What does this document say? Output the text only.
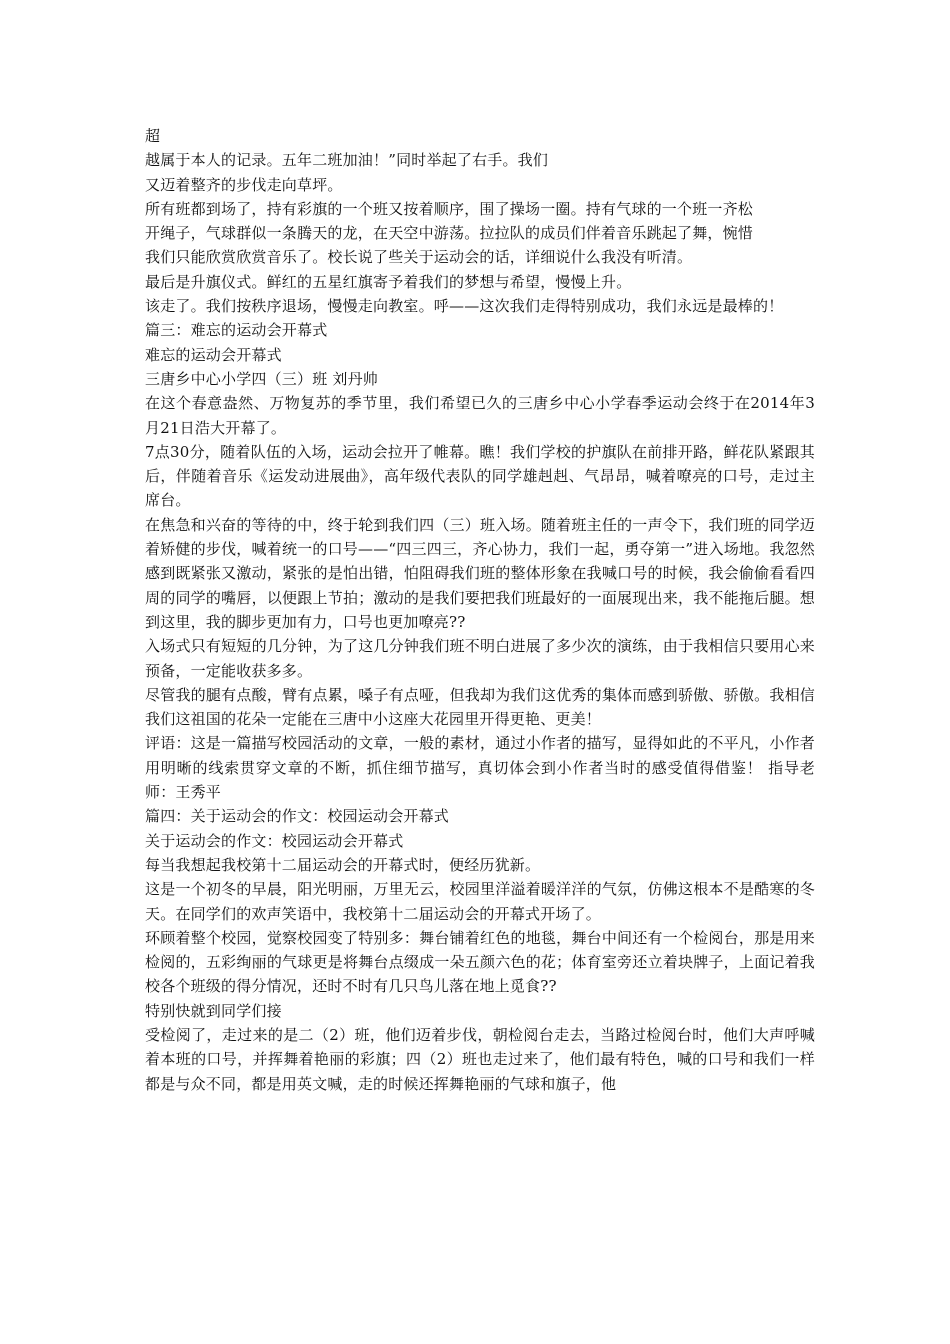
超

越属于本人的记录。五年二班加油！”同时举起了右手。我们

又迈着整齐的步伐走向草坪。

所有班都到场了，持有彩旗的一个班又按着顺序，围了操场一圈。持有气球的一个班一齐松

开绳子，气球群似一条腾天的龙，在天空中游荡。拉拉队的成员们伴着音乐跳起了舞，惋惜

我们只能欣赏欣赏音乐了。校长说了些关于运动会的话，详细说什么我没有听清。

最后是升旗仪式。鲜红的五星红旗寄予着我们的梦想与希望，慢慢上升。

该走了。我们按秩序退场，慢慢走向教室。呼——这次我们走得特别成功，我们永远是最棒的！

篇三：难忘的运动会开幕式

难忘的运动会开幕式

三唐乡中心小学四（三）班 刘丹帅

在这个春意盎然、万物复苏的季节里，我们希望已久的三唐乡中心小学春季运动会终于在2014年3月21日浩大开幕了。

7点30分，随着队伍的入场，运动会拉开了帷幕。瞧！我们学校的护旗队在前排开路，鲜花队紧跟其后，伴随着音乐《运发动进展曲》，高年级代表队的同学雄赳赳、气昂昂，喊着嘹亮的口号，走过主席台。

在焦急和兴奋的等待的中，终于轮到我们四（三）班入场。随着班主任的一声令下，我们班的同学迈着矫健的步伐，喊着统一的口号——“四三四三，齐心协力，我们一起，勇夺第一”进入场地。我忽然感到既紧张又激动，紧张的是怕出错，怕阻碍我们班的整体形象在我喊口号的时候，我会偷偷看看四周的同学的嘴唇，以便跟上节拍；激动的是我们要把我们班最好的一面展现出来，我不能拖后腿。想到这里，我的脚步更加有力，口号也更加嘹亮??

入场式只有短短的几分钟，为了这几分钟我们班不明白进展了多少次的演练，由于我相信只要用心来预备，一定能收获多多。

尽管我的腿有点酸，臂有点累，嗓子有点哑，但我却为我们这优秀的集体而感到骄傲、骄傲。我相信我们这祖国的花朵一定能在三唐中小这座大花园里开得更艳、更美！

评语：这是一篇描写校园活动的文章，一般的素材，通过小作者的描写，显得如此的不平凡，小作者用明晰的线索贯穿文章的不断，抓住细节描写，真切体会到小作者当时的感受值得借鉴！ 指导老师：王秀平

篇四：关于运动会的作文：校园运动会开幕式

关于运动会的作文：校园运动会开幕式

每当我想起我校第十二届运动会的开幕式时，便经历犹新。

这是一个初冬的早晨，阳光明丽，万里无云，校园里洋溢着暖洋洋的气氛，仿佛这根本不是酷寒的冬天。在同学们的欢声笑语中，我校第十二届运动会的开幕式开场了。

环顾着整个校园，觉察校园变了特别多：舞台铺着红色的地毯，舞台中间还有一个检阅台，那是用来检阅的，五彩绚丽的气球更是将舞台点缀成一朵五颜六色的花；体育室旁还立着块牌子，上面记着我校各个班级的得分情况，还时不时有几只鸟儿落在地上觅食??

特别快就到同学们接

受检阅了，走过来的是二（2）班，他们迈着步伐，朝检阅台走去，当路过检阅台时，他们大声呼喊着本班的口号，并挥舞着艳丽的彩旗；四（2）班也走过来了，他们最有特色，喊的口号和我们一样都是与众不同，都是用英文喊，走的时候还挥舞艳丽的气球和旗子，他
